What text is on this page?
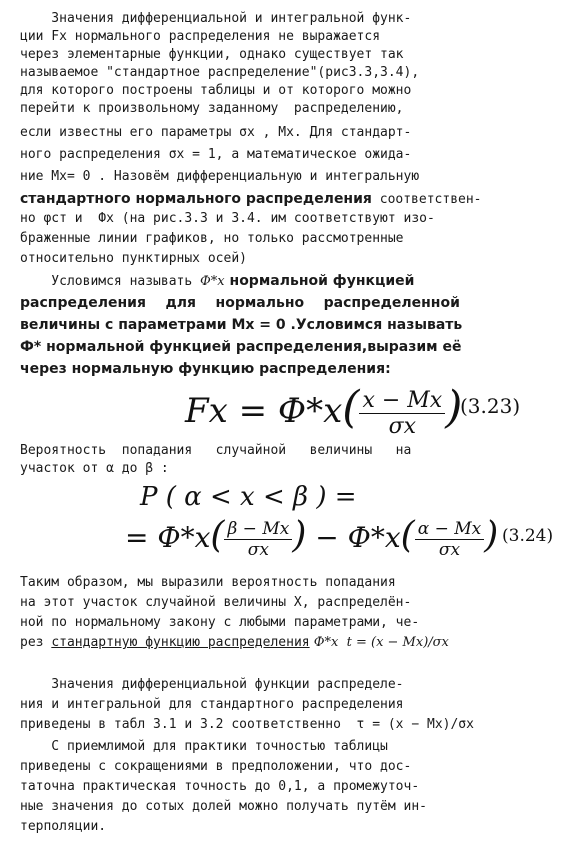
Значения дифференциальной и интегральной функ-
ции Fx нормального распределения не выражается
через элементарные функции, однако существует так
называемое "стандартное распределение"(рис3.3,3.4),
для которого построены таблицы и от которого можно
перейти к произвольному заданному  распределению,
если известны его параметры σx , Mx. Для стандарт-
ного распределения σx = 1, а математическое ожида-
ние Mx= 0 . Назовём дифференциальную и интегральную
стандартного нормального распределения соответствен-
но φст и  Фx (на рис.3.3 и 3.4. им соответствуют изо-
браженные линии графиков, но только рассмотренные
относительно пунктирных осей)
Условимся называть Ф*x нормальной функцией
распределения    для    нормально    распределенной
величины с параметрами Mx = 0 .Условимся называть
Ф* нормальной функцией распределения,выразим её
через нормальную функцию распределения:
$Fx = Ф*x( \frac{x - Mx}{\sigma x}$ )
(3.23)
Вероятность  попадания   случайной   величины   на
участок от α до β :
P ( α < x < β ) =
= $Ф*x( \frac{\beta - Mx}{\sigma x}$ ) − $Ф*x( \frac{\alpha - Mx}{\sigma x}$ ) (3.24)
Таким образом, мы выразили вероятность попадания
на этот участок случайной величины X, распределён-
ной по нормальному закону с любыми параметрами, че-
рез стандартную функцию распределения Ф*x  t = (x − Mx)/σx
Значения дифференциальной функции распределе-
ния и интегральной для стандартного распределения
приведены в табл 3.1 и 3.2 соответственно  τ = (x − Mx)/σx
С приемлимой для практики точностью таблицы
приведены с сокращениями в предположении, что дос-
таточна практическая точность до 0,1, а промежуточ-
ные значения до сотых долей можно получать путём ин-
терполяции.
